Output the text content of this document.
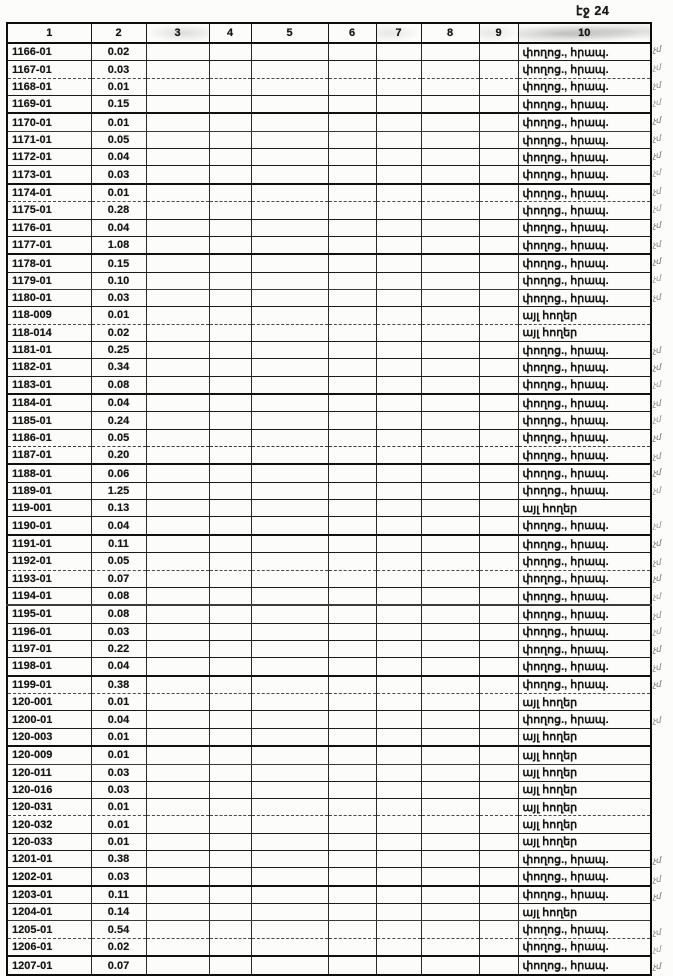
էջ 24
1	2	3	4	5	6	7	8	9	10
1166-01	0.02								փողոց., հրապ.
1167-01	0.03								փողոց., հրապ.
1168-01	0.01								փողոց., հրապ.
1169-01	0.15								փողոց., հրապ.
1170-01	0.01								փողոց., հրապ.
1171-01	0.05								փողոց., հրապ.
1172-01	0.04								փողոց., հրապ.
1173-01	0.03								փողոց., հրապ.
1174-01	0.01								փողոց., հրապ.
1175-01	0.28								փողոց., հրապ.
1176-01	0.04								փողոց., հրապ.
1177-01	1.08								փողոց., հրապ.
1178-01	0.15								փողոց., հրապ.
1179-01	0.10								փողոց., հրապ.
1180-01	0.03								փողոց., հրապ.
118-009	0.01								այլ հողեր
118-014	0.02								այլ հողեր
1181-01	0.25								փողոց., հրապ.
1182-01	0.34								փողոց., հրապ.
1183-01	0.08								փողոց., հրապ.
1184-01	0.04								փողոց., հրապ.
1185-01	0.24								փողոց., հրապ.
1186-01	0.05								փողոց., հրապ.
1187-01	0.20								փողոց., հրապ.
1188-01	0.06								փողոց., հրապ.
1189-01	1.25								փողոց., հրապ.
119-001	0.13								այլ հողեր
1190-01	0.04								փողոց., հրապ.
1191-01	0.11								փողոց., հրապ.
1192-01	0.05								փողոց., հրապ.
1193-01	0.07								փողոց., հրապ.
1194-01	0.08								փողոց., հրապ.
1195-01	0.08								փողոց., հրապ.
1196-01	0.03								փողոց., հրապ.
1197-01	0.22								փողոց., հրապ.
1198-01	0.04								փողոց., հրապ.
1199-01	0.38								փողոց., հրապ.
120-001	0.01								այլ հողեր
1200-01	0.04								փողոց., հրապ.
120-003	0.01								այլ հողեր
120-009	0.01								այլ հողեր
120-011	0.03								այլ հողեր
120-016	0.03								այլ հողեր
120-031	0.01								այլ հողեր
120-032	0.01								այլ հողեր
120-033	0.01								այլ հողեր
1201-01	0.38								փողոց., հրապ.
1202-01	0.03								փողոց., հրապ.
1203-01	0.11								փողոց., հրապ.
1204-01	0.14								այլ հողեր
1205-01	0.54								փողոց., հրապ.
1206-01	0.02								փողոց., հրապ.
1207-01	0.07								փողոց., հրապ.
չմ
չմ
չմ
չմ
չմ
չմ
չմ
չմ
չմ
չմ
չմ
չմ
չմ
չմ
չմ
չմ
չմ
չմ
չմ
չմ
չմ
չմ
չմ
չմ
չմ
չմ
չմ
չմ
չմ
չմ
չմ
չմ
չմ
չմ
չմ
չմ
չմ
չմ
չմ
չմ
չմ
